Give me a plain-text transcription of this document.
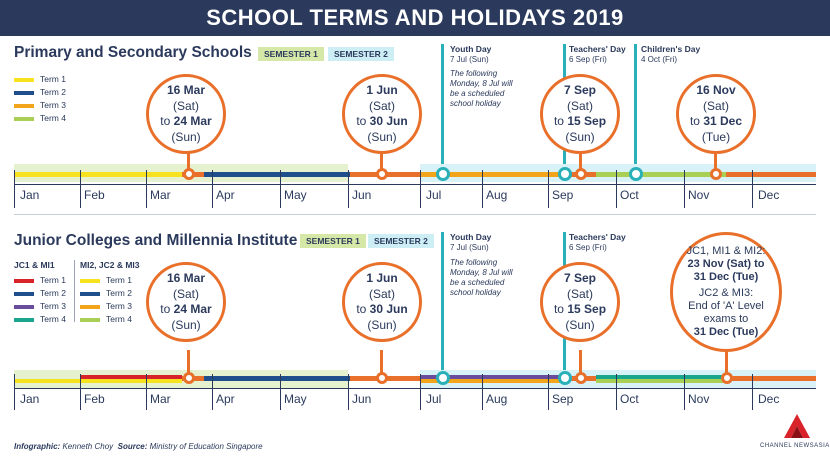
SCHOOL TERMS AND HOLIDAYS 2019
Primary and Secondary Schools	SEMESTER 1	SEMESTER 2
Term 1
Term 2
Term 3
Term 4
Youth Day
7 Jul (Sun)
The following Monday, 8 Jul will be a scheduled school holiday
Teachers' Day
6 Sep (Fri)
Children's Day
4 Oct (Fri)
Jan	Feb	Mar	Apr	May	Jun	Jul	Aug	Sep	Oct	Nov	Dec
16 Mar
(Sat)
to 24 Mar
(Sun)
1 Jun
(Sat)
to 30 Jun
(Sun)
7 Sep
(Sat)
to 15 Sep
(Sun)
16 Nov
(Sat)
to 31 Dec
(Tue)
Junior Colleges and Millennia Institute	SEMESTER 1	SEMESTER 2
JC1 & MI1	MI2, JC2 & MI3
Term 1
Term 2
Term 3
Term 4
Term 1
Term 2
Term 3
Term 4
Youth Day
7 Jul (Sun)
The following Monday, 8 Jul will be a scheduled school holiday
Teachers' Day
6 Sep (Fri)
Jan	Feb	Mar	Apr	May	Jun	Jul	Aug	Sep	Oct	Nov	Dec
16 Mar
(Sat)
to 24 Mar
(Sun)
1 Jun
(Sat)
to 30 Jun
(Sun)
7 Sep
(Sat)
to 15 Sep
(Sun)
JC1, MI1 & MI2:
23 Nov (Sat) to
31 Dec (Tue)
JC2 & MI3:
End of 'A' Level
exams to
31 Dec (Tue)
Infographic: Kenneth Choy Source: Ministry of Education Singapore	CHANNEL NEWSASIA
